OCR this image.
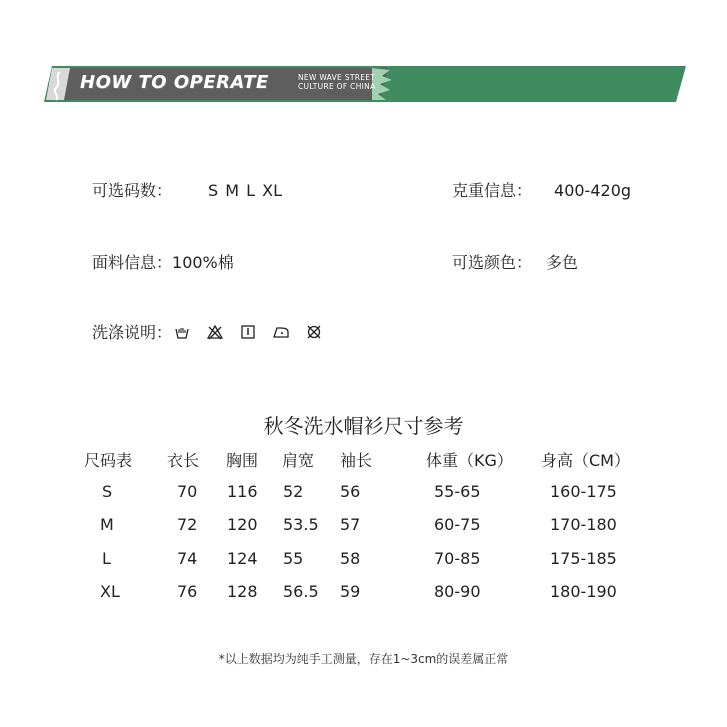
HOW TO OPERATE	NEW WAVE STREET
CULTURE OF CHINA
可选码数： S M L XL	克重信息： 400-420g
面料信息：100%棉	可选颜色： 多色
洗涤说明：
秋冬洗水帽衫尺寸参考
尺码表 衣长 胸围 肩宽 袖长	体重（KG） 身高（CM）
S	70 116 52 56	55-65	160-175
M	72 120 53.5 57	60-75	170-180
L	74 124 55 58	70-85	175-185
XL	76 128 56.5 59	80-90	180-190
*以上数据均为纯手工测量，存在1~3cm的误差属正常
